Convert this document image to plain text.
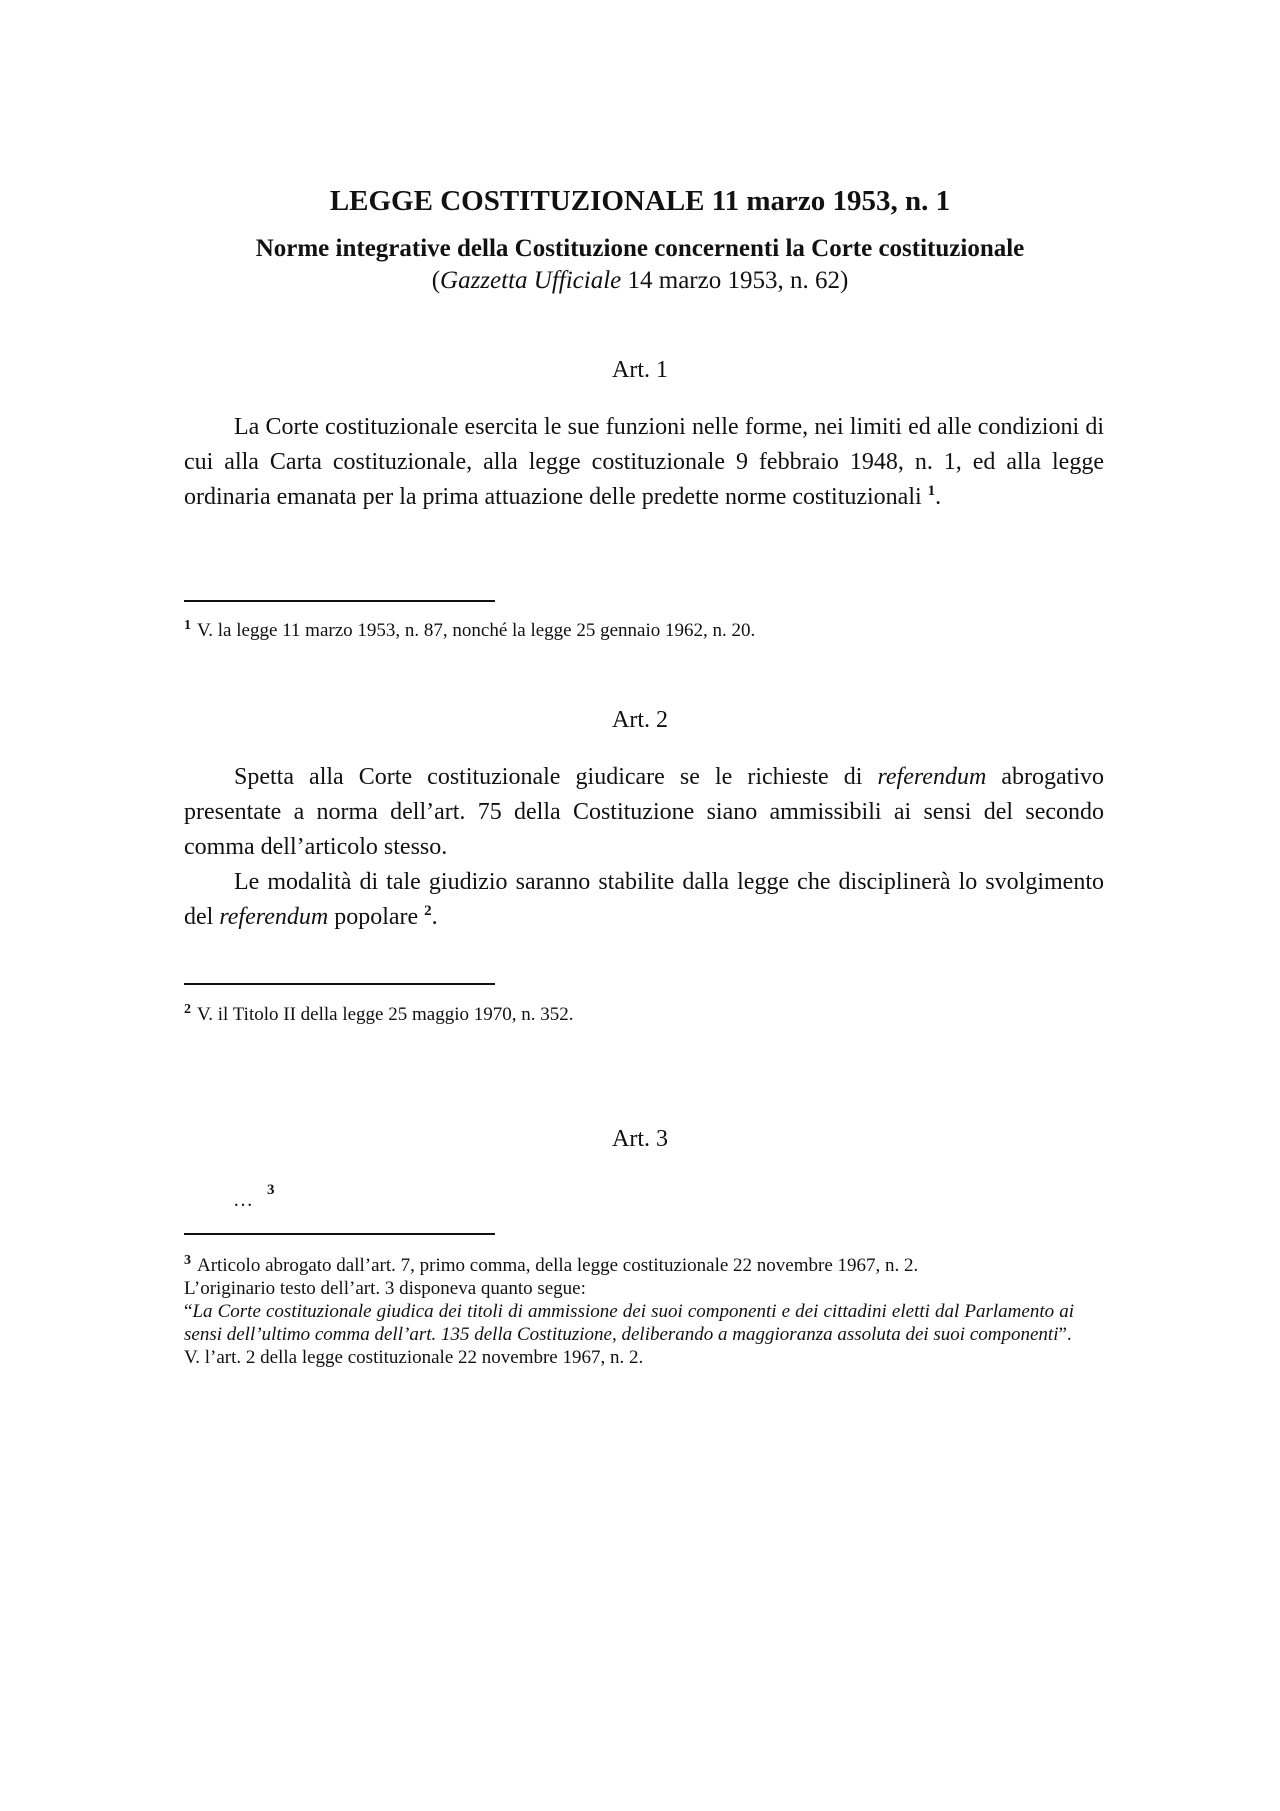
LEGGE COSTITUZIONALE 11 marzo 1953, n. 1
Norme integrative della Costituzione concernenti la Corte costituzionale
(Gazzetta Ufficiale 14 marzo 1953, n. 62)
Art. 1

La Corte costituzionale esercita le sue funzioni nelle forme, nei limiti ed alle condizioni di cui alla Carta costituzionale, alla legge costituzionale 9 febbraio 1948, n. 1, ed alla legge ordinaria emanata per la prima attuazione delle predette norme costituzionali $^1$.

$^1$ V. la legge 11 marzo 1953, n. 87, nonché la legge 25 gennaio 1962, n. 20.
Art. 2

Spetta alla Corte costituzionale giudicare se le richieste di referendum abrogativo presentate a norma dell’art. 75 della Costituzione siano ammissibili ai sensi del secondo comma dell’articolo stesso.

Le modalità di tale giudizio saranno stabilite dalla legge che disciplinerà lo svolgimento del referendum popolare $^2$.

$^2$ V. il Titolo II della legge 25 maggio 1970, n. 352.
Art. 3
… $^3$
$^3$ Articolo abrogato dall’art. 7, primo comma, della legge costituzionale 22 novembre 1967, n. 2.
L’originario testo dell’art. 3 disponeva quanto segue:
“La Corte costituzionale giudica dei titoli di ammissione dei suoi componenti e dei cittadini eletti dal Parlamento ai sensi dell’ultimo comma dell’art. 135 della Costituzione, deliberando a maggioranza assoluta dei suoi componenti”.
V. l’art. 2 della legge costituzionale 22 novembre 1967, n. 2.
